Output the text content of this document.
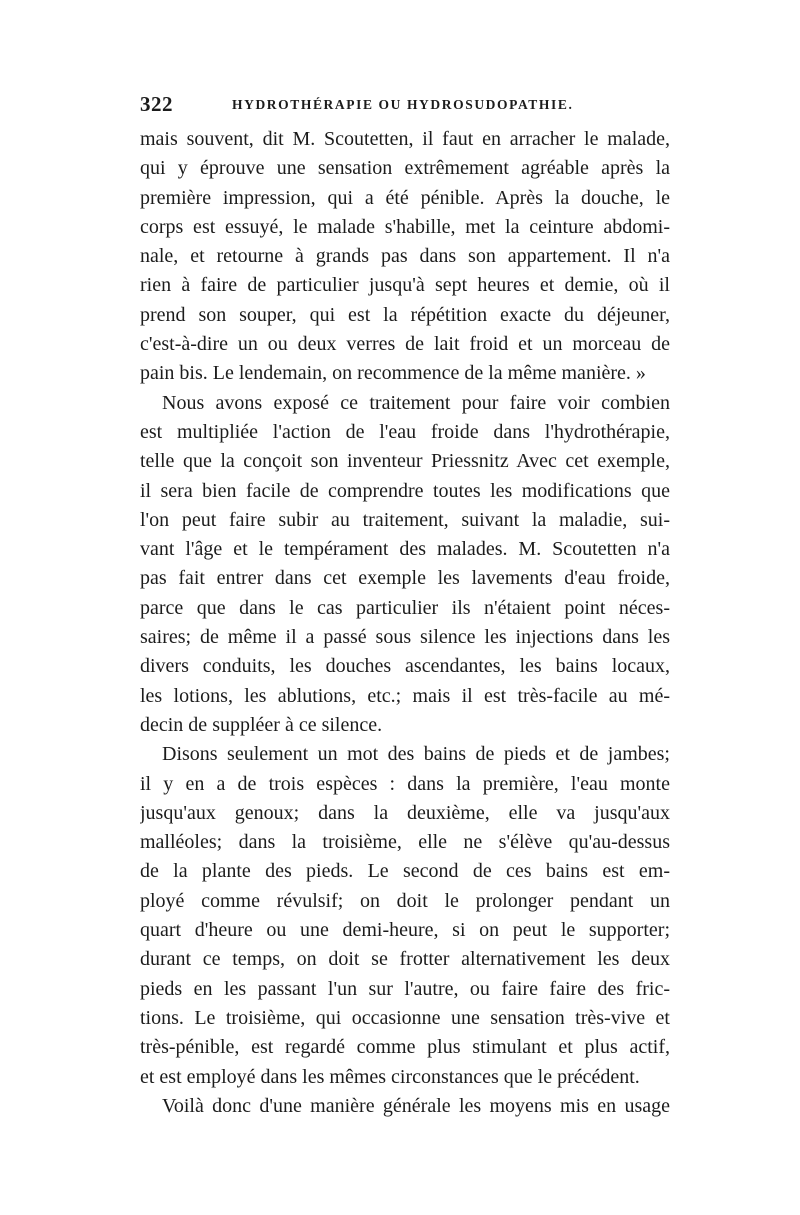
322	HYDROTHÉRAPIE OU HYDROSUDOPATHIE.
mais souvent, dit M. Scoutetten, il faut en arracher le malade,
qui y éprouve une sensation extrêmement agréable après la
première impression, qui a été pénible. Après la douche, le
corps est essuyé, le malade s'habille, met la ceinture abdomi-
nale, et retourne à grands pas dans son appartement. Il n'a
rien à faire de particulier jusqu'à sept heures et demie, où il
prend son souper, qui est la répétition exacte du déjeuner,
c'est-à-dire un ou deux verres de lait froid et un morceau de
pain bis. Le lendemain, on recommence de la même manière. »
Nous avons exposé ce traitement pour faire voir combien
est multipliée l'action de l'eau froide dans l'hydrothérapie,
telle que la conçoit son inventeur Priessnitz Avec cet exemple,
il sera bien facile de comprendre toutes les modifications que
l'on peut faire subir au traitement, suivant la maladie, sui-
vant l'âge et le tempérament des malades. M. Scoutetten n'a
pas fait entrer dans cet exemple les lavements d'eau froide,
parce que dans le cas particulier ils n'étaient point néces-
saires; de même il a passé sous silence les injections dans les
divers conduits, les douches ascendantes, les bains locaux,
les lotions, les ablutions, etc.; mais il est très-facile au mé-
decin de suppléer à ce silence.
Disons seulement un mot des bains de pieds et de jambes;
il y en a de trois espèces : dans la première, l'eau monte
jusqu'aux genoux; dans la deuxième, elle va jusqu'aux
malléoles; dans la troisième, elle ne s'élève qu'au-dessus
de la plante des pieds. Le second de ces bains est em-
ployé comme révulsif; on doit le prolonger pendant un
quart d'heure ou une demi-heure, si on peut le supporter;
durant ce temps, on doit se frotter alternativement les deux
pieds en les passant l'un sur l'autre, ou faire faire des fric-
tions. Le troisième, qui occasionne une sensation très-vive et
très-pénible, est regardé comme plus stimulant et plus actif,
et est employé dans les mêmes circonstances que le précédent.
Voilà donc d'une manière générale les moyens mis en usage
